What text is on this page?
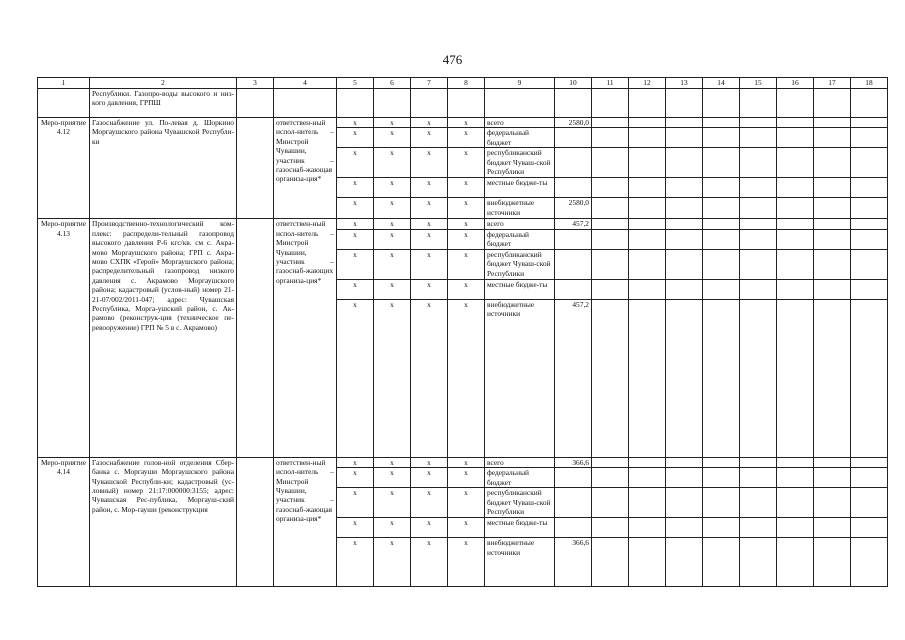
476
1	2	3	4	5	6	7	8	9	10	11	12	13	14	15	16	17	18
	Республики. Газопро-воды высокого и низ-кого давления, ГРПШ																
Меро-приятие 4.12	Газоснабжение ул. По-левая д. Шоркино Моргаушского района Чувашской Республи-ки		ответствен-ный испол-нитель – Минстрой Чувашии, участник – газоснаб-жающая организа-ция*	x	x	x	x	всего	2580,0								
				x	x	x	x	федеральный бюджет									
				x	x	x	x	республиканский бюджет Чуваш-ской Республики									
				x	x	x	x	местные бюдже-ты									
				x	x	x	x	внебюджетные источники	2580,0								
Меро-приятие 4.13	Производственно-технологический ком-плекс: распредели-тельный газопровод высокого давления Р-6 кгс/кв. см с. Акра-мово Моргаушского района; ГРП с. Акра-мово СХПК «Герой» Моргаушского района; распределительный газопровод низкого давления с. Акрамово Моргаушского района; кадастровый (услов-ный) номер 21-21-07/002/2011-047; адрес: Чувашская Республика, Морга-ушский район, с. Ак-рамово (реконструк-ция (техническое пе-ревооружение) ГРП № 5 в с. Акрамово)		ответствен-ный испол-нитель – Минстрой Чувашии, участник – газоснаб-жающих организа-ция*	x	x	x	x	всего	457,2								
				x	x	x	x	федеральный бюджет									
				x	x	x	x	республиканский бюджет Чуваш-ской Республики									
				x	x	x	x	местные бюдже-ты									
				x	x	x	x	внебюджетные источники	457,2								
Меро-приятие 4.14	Газоснабжение голов-ной отделения Сбер-банка с. Моргауши Моргаушского района Чувашской Республи-ки; кадастровый (ус-ловный) номер 21:17:000000:3155; адрес: Чувашская Рес-публика, Моргауш-ский район, с. Мор-гауши (реконструкция		ответствен-ный испол-нитель – Минстрой Чувашии, участник – газоснаб-жающая организа-ция*	x	x	x	x	всего	366,6								
				x	x	x	x	федеральный бюджет									
				x	x	x	x	республиканский бюджет Чуваш-ской Республики									
				x	x	x	x	местные бюдже-ты									
				x	x	x	x	внебюджетные источники	366,6								
